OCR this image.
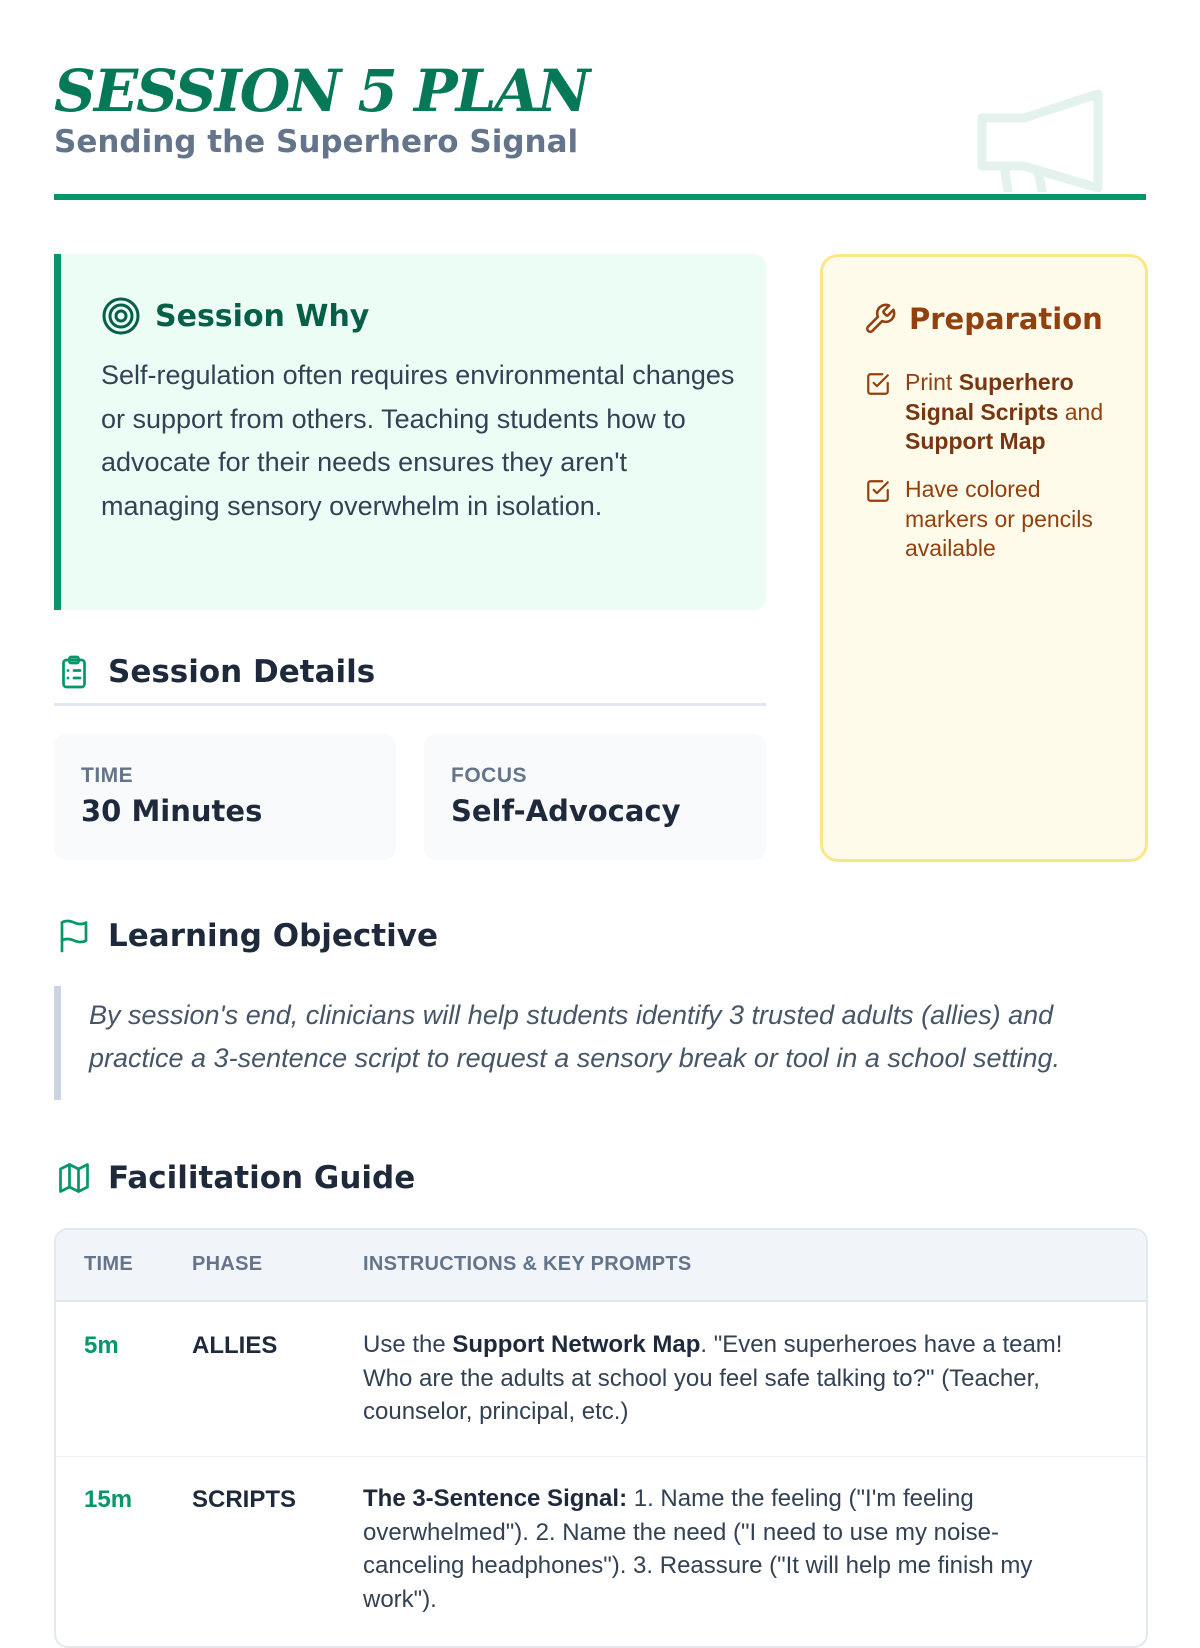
SESSION 5 PLAN
Sending the Superhero Signal
Session Why

Self-regulation often requires environmental changes or support from others. Teaching students how to advocate for their needs ensures they aren't managing sensory overwhelm in isolation.

Preparation
Print Superhero Signal Scripts and Support Map
Have colored markers or pencils available
Session Details
TIME
30 Minutes
FOCUS
Self-Advocacy
Learning Objective

By session's end, clinicians will help students identify 3 trusted adults (allies) and practice a 3-sentence script to request a sensory break or tool in a school setting.

Facilitation Guide
TIME	PHASE	INSTRUCTIONS & KEY PROMPTS
5m	ALLIES	Use the Support Network Map. "Even superheroes have a team! Who are the adults at school you feel safe talking to?" (Teacher, counselor, principal, etc.)
15m SCRIPTS	The 3-Sentence Signal: 1. Name the feeling ("I'm feeling overwhelmed"). 2. Name the need ("I need to use my noise-canceling headphones"). 3. Reassure ("It will help me finish my work").
